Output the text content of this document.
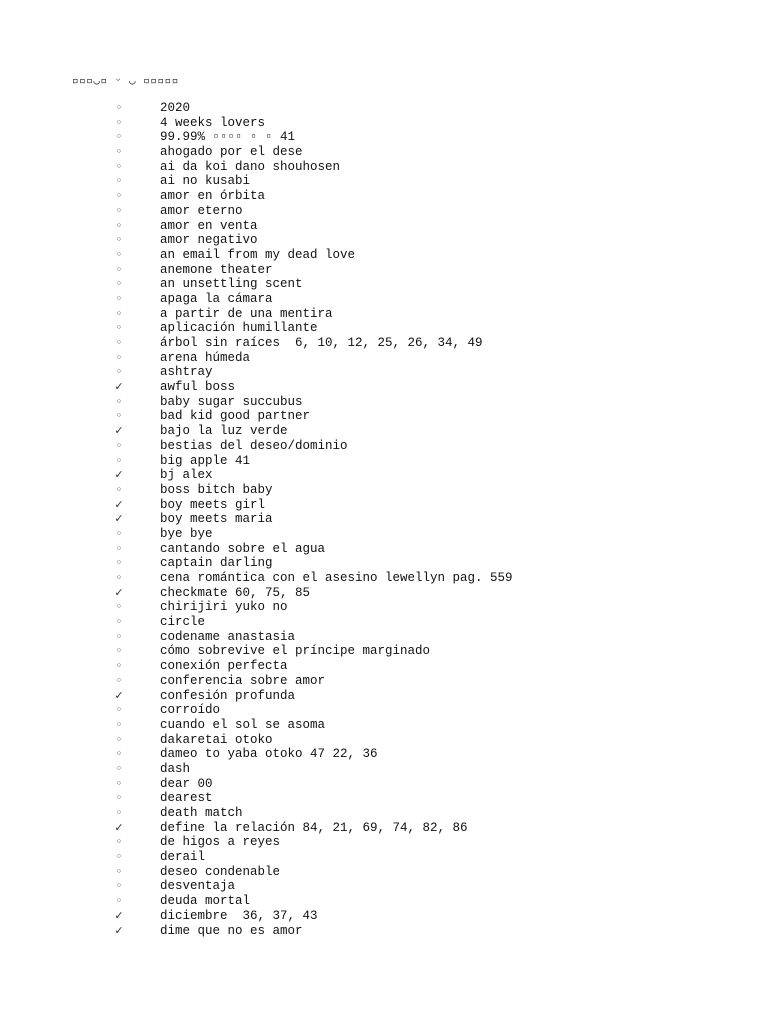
▫▫▫◡▫ ᵕ ◡ ▫▫▫▫▫
◦	2020
◦	4 weeks lovers
◦	99.99% ▫▫▫▫ ▫ ▫ 41
◦	ahogado por el dese
◦	ai da koi dano shouhosen
◦	ai no kusabi
◦	amor en órbita
◦	amor eterno
◦	amor en venta
◦	amor negativo
◦	an email from my dead love
◦	anemone theater
◦	an unsettling scent
◦	apaga la cámara
◦	a partir de una mentira
◦	aplicación humillante
◦	árbol sin raíces  6, 10, 12, 25, 26, 34, 49
◦	arena húmeda
◦	ashtray
✓	awful boss
◦	baby sugar succubus
◦	bad kid good partner
✓	bajo la luz verde
◦	bestias del deseo/dominio
◦	big apple 41
✓	bj alex
◦	boss bitch baby
✓	boy meets girl
✓	boy meets maria
◦	bye bye
◦	cantando sobre el agua
◦	captain darling
◦	cena romántica con el asesino lewellyn pag. 559
✓	checkmate 60, 75, 85
◦	chirijiri yuko no
◦	circle
◦	codename anastasia
◦	cómo sobrevive el príncipe marginado
◦	conexión perfecta
◦	conferencia sobre amor
✓	confesión profunda
◦	corroído
◦	cuando el sol se asoma
◦	dakaretai otoko
◦	dameo to yaba otoko 47 22, 36
◦	dash
◦	dear 00
◦	dearest
◦	death match
✓	define la relación 84, 21, 69, 74, 82, 86
◦	de higos a reyes
◦	derail
◦	deseo condenable
◦	desventaja
◦	deuda mortal
✓	diciembre  36, 37, 43
✓	dime que no es amor
